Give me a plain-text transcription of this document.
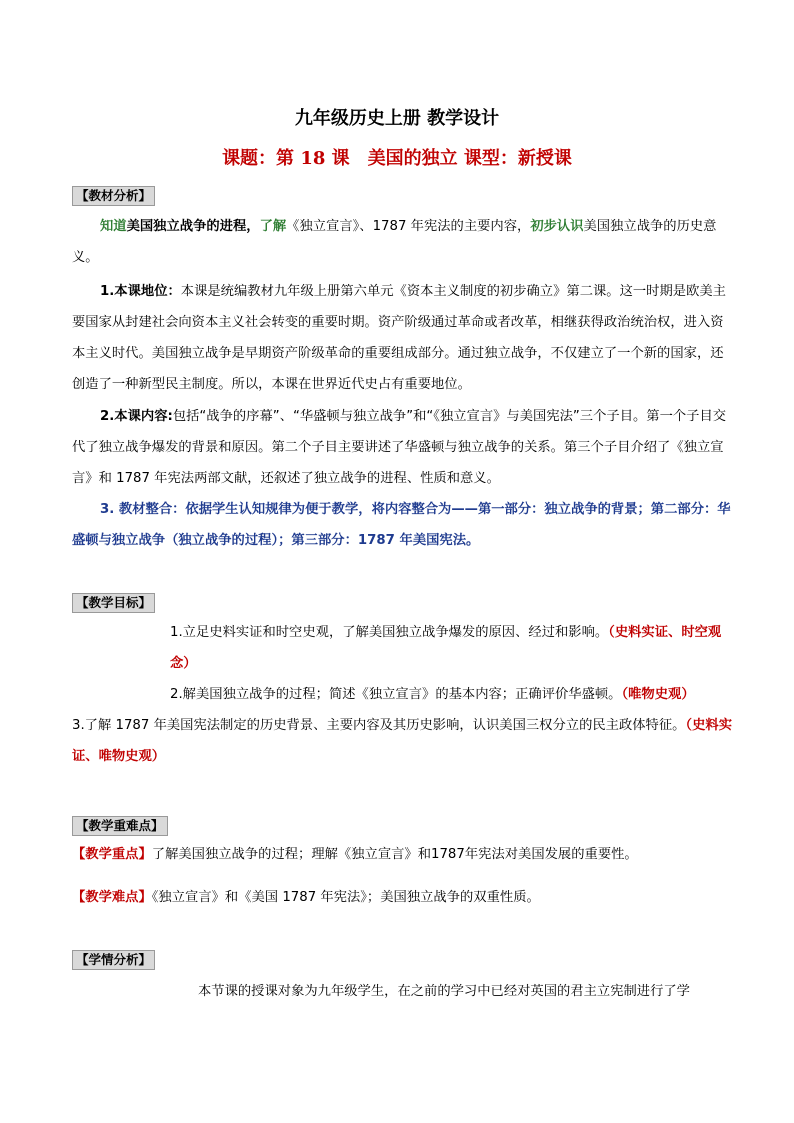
九年级历史上册 教学设计
课题：第 18 课　美国的独立 课型：新授课
【教材分析】

知道美国独立战争的进程，了解《独立宣言》、1787 年宪法的主要内容，初步认识美国独立战争的历史意义。

1.本课地位：本课是统编教材九年级上册第六单元《资本主义制度的初步确立》第二课。这一时期是欧美主要国家从封建社会向资本主义社会转变的重要时期。资产阶级通过革命或者改革，相继获得政治统治权，进入资本主义时代。美国独立战争是早期资产阶级革命的重要组成部分。通过独立战争，不仅建立了一个新的国家，还创造了一种新型民主制度。所以，本课在世界近代史占有重要地位。

2.本课内容:包括“战争的序幕”、“华盛顿与独立战争”和“《独立宣言》与美国宪法”三个子目。第一个子目交代了独立战争爆发的背景和原因。第二个子目主要讲述了华盛顿与独立战争的关系。第三个子目介绍了《独立宣言》和 1787 年宪法两部文献，还叙述了独立战争的进程、性质和意义。

3. 教材整合：依据学生认知规律为便于教学，将内容整合为——第一部分：独立战争的背景；第二部分：华盛顿与独立战争（独立战争的过程）；第三部分：1787 年美国宪法。

【教学目标】

1.立足史料实证和时空史观，了解美国独立战争爆发的原因、经过和影响。（史料实证、时空观念）

2.解美国独立战争的过程；简述《独立宣言》的基本内容；正确评价华盛顿。（唯物史观）

3.了解 1787 年美国宪法制定的历史背景、主要内容及其历史影响，认识美国三权分立的民主政体特征。（史料实证、唯物史观）

【教学重难点】

【教学重点】了解美国独立战争的过程；理解《独立宣言》和1787年宪法对美国发展的重要性。

【教学难点】《独立宣言》和《美国 1787 年宪法》；美国独立战争的双重性质。

【学情分析】

本节课的授课对象为九年级学生，在之前的学习中已经对英国的君主立宪制进行了学
